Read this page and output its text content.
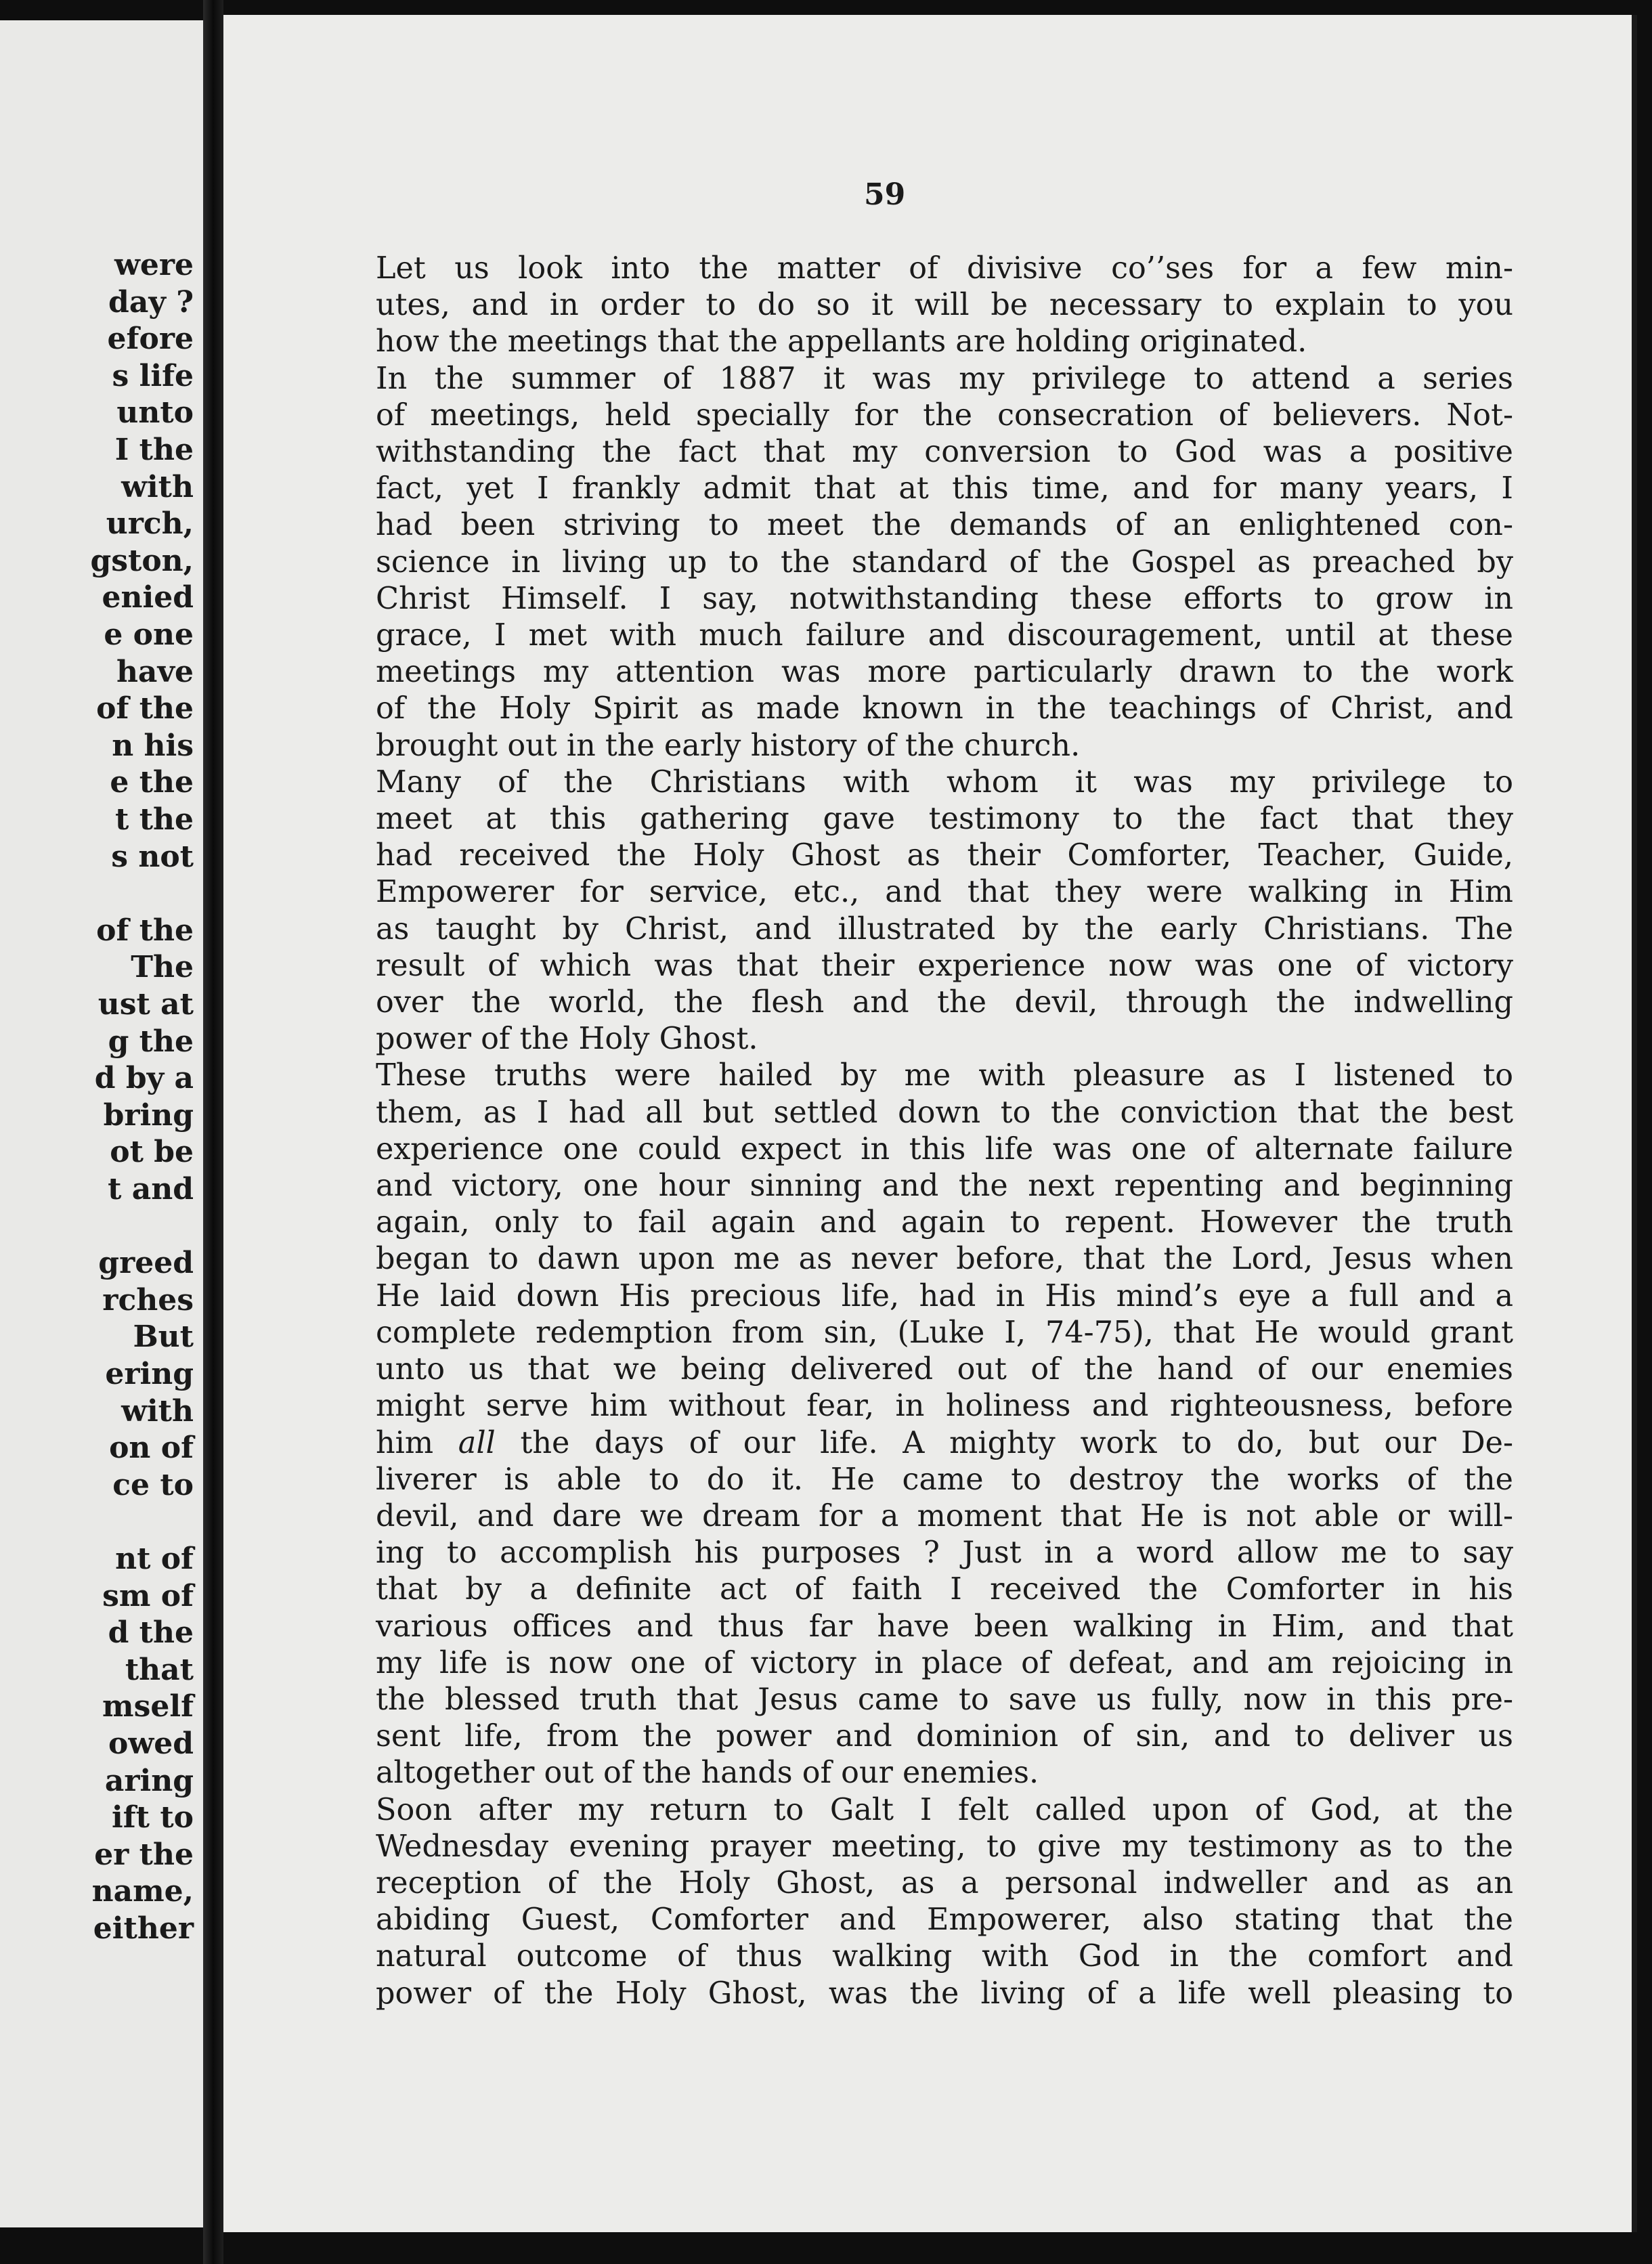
were
day ?
efore
s life
unto
I the
with
urch,
gston,
enied
e one
have
of the
n his
e the
t the
s not
of the
The
ust at
g the
d by a
bring
ot be
t and
greed
rches
But
ering
with
on of
ce to
nt of
sm of
d the
that
mself
owed
aring
ift to
er the
name,
either
59

Let us look into the matter of divisive co’’ses for a few min-
utes, and in order to do so it will be necessary to explain to you
how the meetings that the appellants are holding originated.

In the summer of 1887 it was my privilege to attend a series
of meetings, held specially for the consecration of believers. Not-
withstanding the fact that my conversion to God was a positive
fact, yet I frankly admit that at this time, and for many years, I
had been striving to meet the demands of an enlightened con-
science in living up to the standard of the Gospel as preached by
Christ Himself. I say, notwithstanding these efforts to grow in
grace, I met with much failure and discouragement, until at these
meetings my attention was more particularly drawn to the work
of the Holy Spirit as made known in the teachings of Christ, and
brought out in the early history of the church.

Many of the Christians with whom it was my privilege to
meet at this gathering gave testimony to the fact that they
had received the Holy Ghost as their Comforter, Teacher, Guide,
Empowerer for service, etc., and that they were walking in Him
as taught by Christ, and illustrated by the early Christians. The
result of which was that their experience now was one of victory
over the world, the flesh and the devil, through the indwelling
power of the Holy Ghost.

These truths were hailed by me with pleasure as I listened to
them, as I had all but settled down to the conviction that the best
experience one could expect in this life was one of alternate failure
and victory, one hour sinning and the next repenting and beginning
again, only to fail again and again to repent. However the truth
began to dawn upon me as never before, that the Lord, Jesus when
He laid down His precious life, had in His mind’s eye a full and a
complete redemption from sin, (Luke I, 74-75), that He would grant
unto us that we being delivered out of the hand of our enemies
might serve him without fear, in holiness and righteousness, before
him all the days of our life. A mighty work to do, but our De-
liverer is able to do it. He came to destroy the works of the
devil, and dare we dream for a moment that He is not able or will-
ing to accomplish his purposes ? Just in a word allow me to say
that by a definite act of faith I received the Comforter in his
various offices and thus far have been walking in Him, and that
my life is now one of victory in place of defeat, and am rejoicing in
the blessed truth that Jesus came to save us fully, now in this pre-
sent life, from the power and dominion of sin, and to deliver us
altogether out of the hands of our enemies.

Soon after my return to Galt I felt called upon of God, at the
Wednesday evening prayer meeting, to give my testimony as to the
reception of the Holy Ghost, as a personal indweller and as an
abiding Guest, Comforter and Empowerer, also stating that the
natural outcome of thus walking with God in the comfort and
power of the Holy Ghost, was the living of a life well pleasing to
